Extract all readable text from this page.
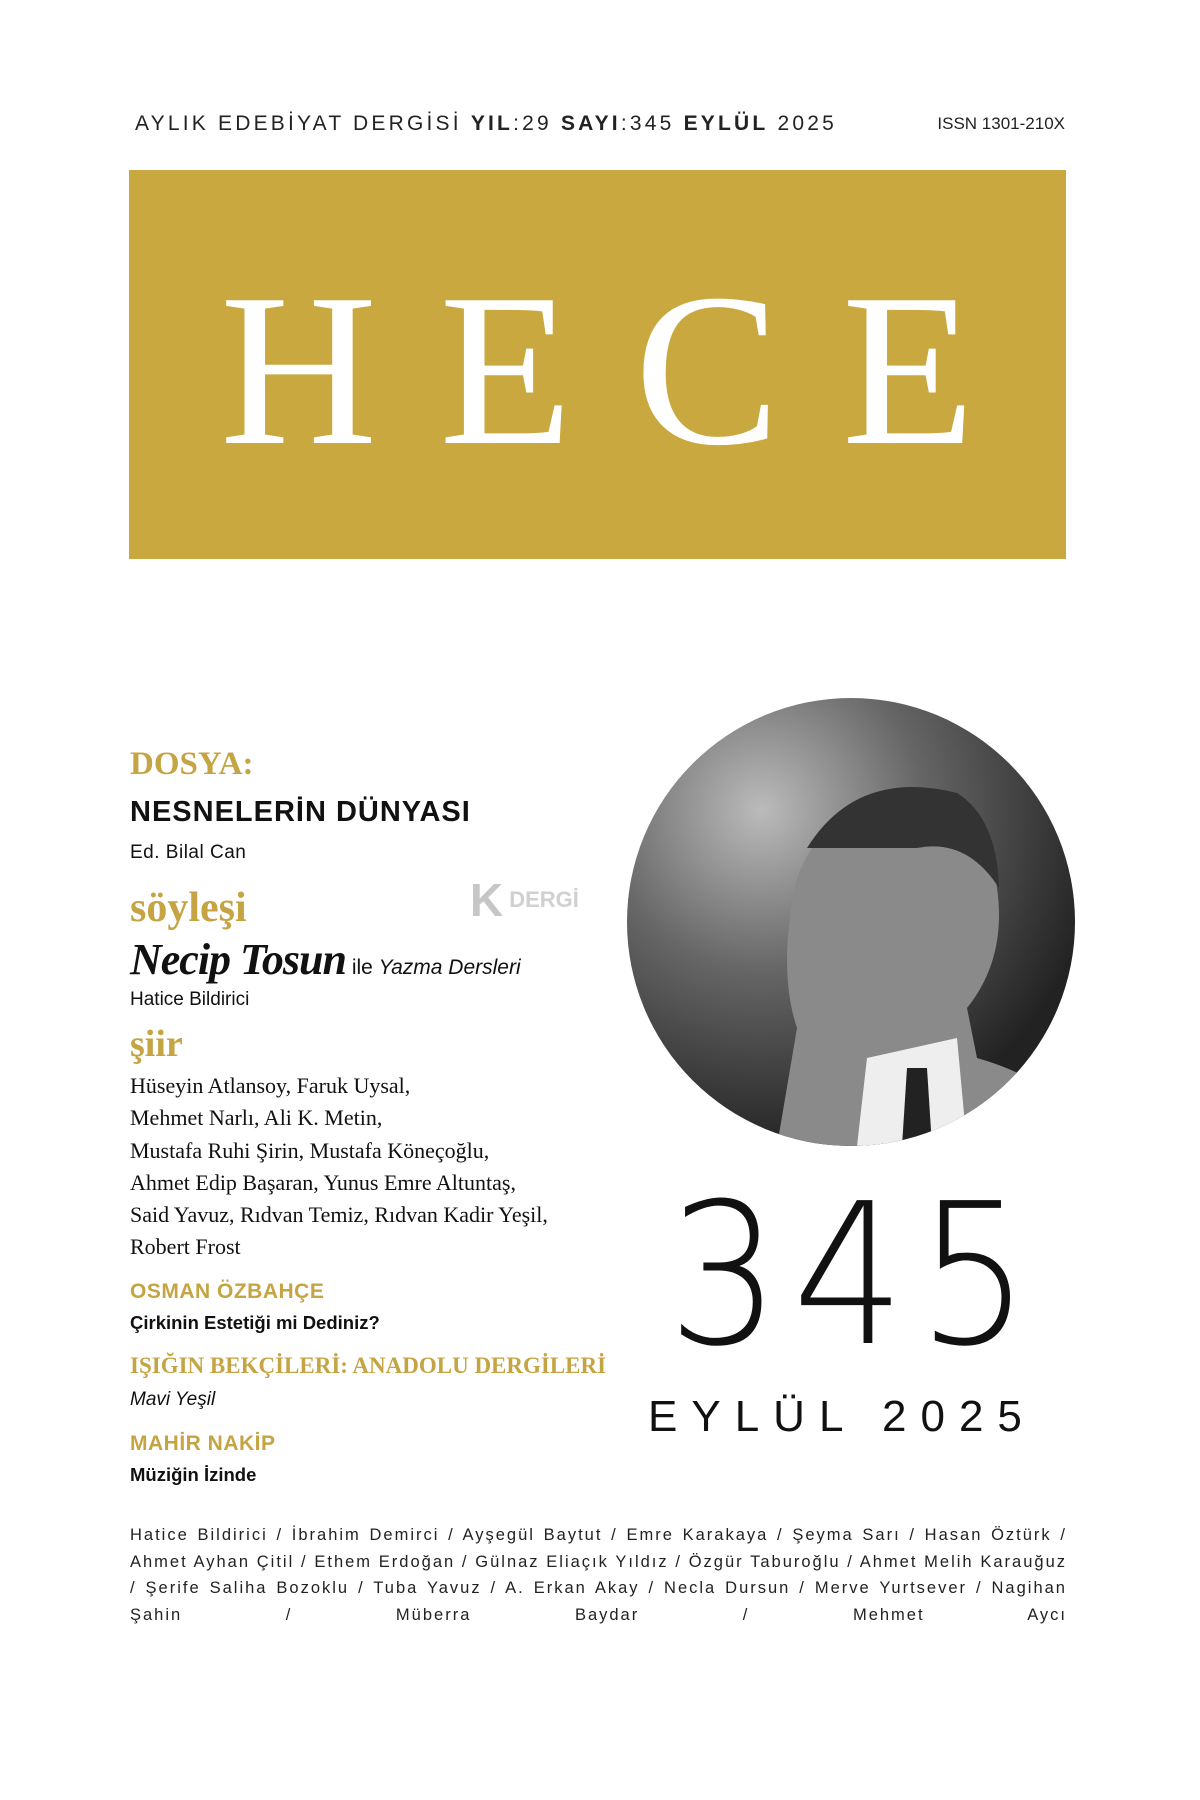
AYLIK EDEBİYAT DERGİSİ YIL:29 SAYI:345 EYLÜL 2025	ISSN 1301-210X
HECE
DOSYA:
NESNELERİN DÜNYASI
Ed. Bilal Can
K DERGİ
söyleşi
Necip Tosun ile Yazma Dersleri
Hatice Bildirici
şiir
Hüseyin Atlansoy, Faruk Uysal,
Mehmet Narlı, Ali K. Metin,
Mustafa Ruhi Şirin, Mustafa Köneçoğlu,
Ahmet Edip Başaran, Yunus Emre Altuntaş,
Said Yavuz, Rıdvan Temiz, Rıdvan Kadir Yeşil,
Robert Frost
OSMAN ÖZBAHÇE
Çirkinin Estetiği mi Dediniz?
IŞIĞIN BEKÇİLERİ: ANADOLU DERGİLERİ
Mavi Yeşil
MAHİR NAKİP
Müziğin İzinde
345
EYLÜL 2025
Hatice Bildirici / İbrahim Demirci / Ayşegül Baytut / Emre Karakaya / Şeyma Sarı / Hasan Öztürk / Ahmet Ayhan Çitil / Ethem Erdoğan / Gülnaz Eliaçık Yıldız / Özgür Taburoğlu / Ahmet Melih Karauğuz / Şerife Saliha Bozoklu / Tuba Yavuz / A. Erkan Akay / Necla Dursun / Merve Yurtsever / Nagihan Şahin / Müberra Baydar / Mehmet Aycı
